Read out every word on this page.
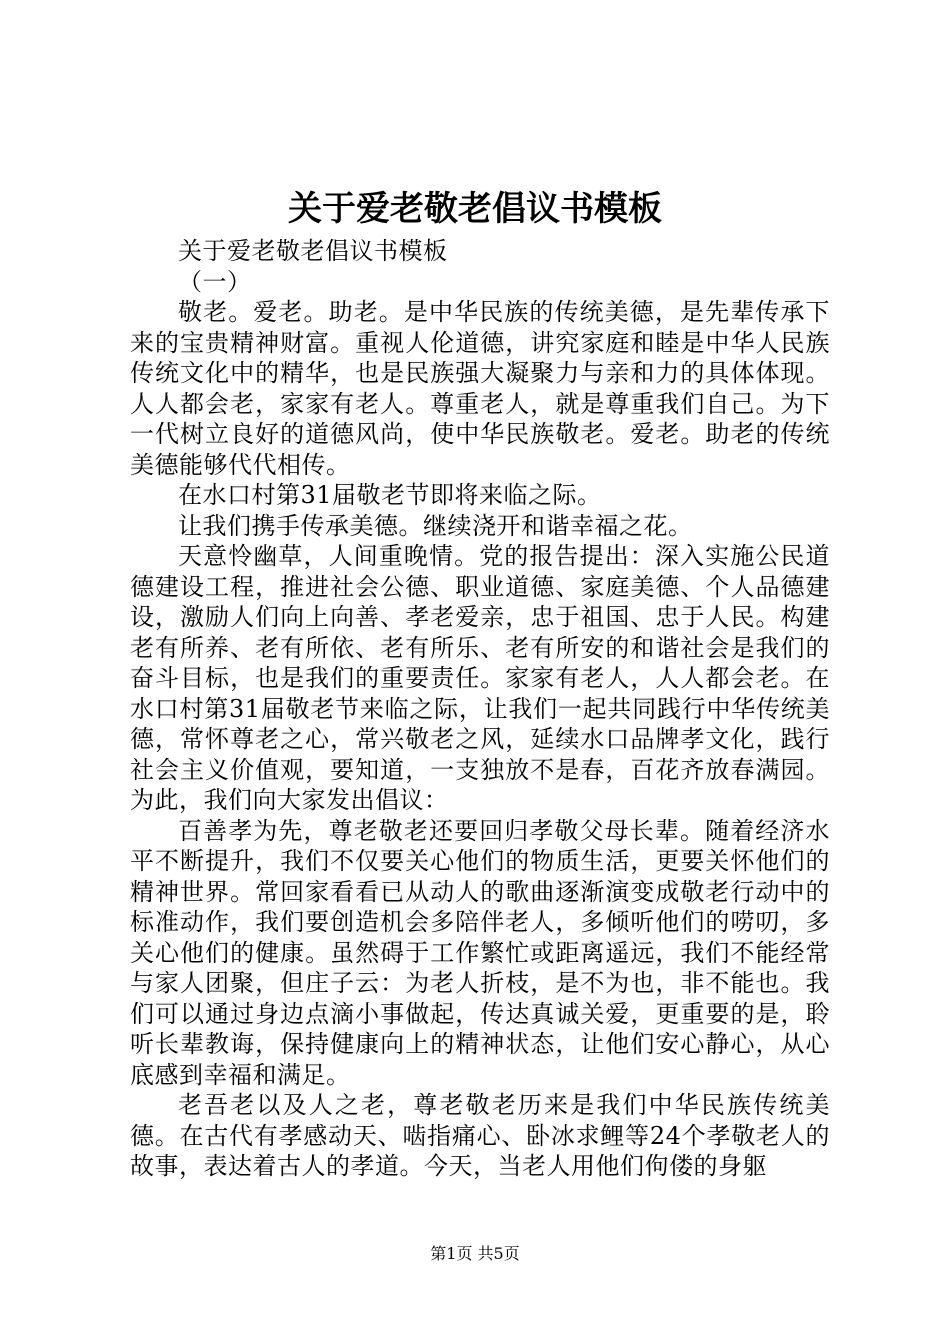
关于爱老敬老倡议书模板

关于爱老敬老倡议书模板

（一）

敬老。爱老。助老。是中华民族的传统美德，是先辈传承下来的宝贵精神财富。重视人伦道德，讲究家庭和睦是中华人民族传统文化中的精华，也是民族强大凝聚力与亲和力的具体体现。人人都会老，家家有老人。尊重老人，就是尊重我们自己。为下一代树立良好的道德风尚，使中华民族敬老。爱老。助老的传统美德能够代代相传。

在水口村第31届敬老节即将来临之际。

让我们携手传承美德。继续浇开和谐幸福之花。

天意怜幽草，人间重晚情。党的报告提出：深入实施公民道德建设工程，推进社会公德、职业道德、家庭美德、个人品德建设，激励人们向上向善、孝老爱亲，忠于祖国、忠于人民。构建老有所养、老有所依、老有所乐、老有所安的和谐社会是我们的奋斗目标，也是我们的重要责任。家家有老人，人人都会老。在水口村第31届敬老节来临之际，让我们一起共同践行中华传统美德，常怀尊老之心，常兴敬老之风，延续水口品牌孝文化，践行社会主义价值观，要知道，一支独放不是春，百花齐放春满园。为此，我们向大家发出倡议：

百善孝为先，尊老敬老还要回归孝敬父母长辈。随着经济水平不断提升，我们不仅要关心他们的物质生活，更要关怀他们的精神世界。常回家看看已从动人的歌曲逐渐演变成敬老行动中的标准动作，我们要创造机会多陪伴老人，多倾听他们的唠叨，多关心他们的健康。虽然碍于工作繁忙或距离遥远，我们不能经常与家人团聚，但庄子云：为老人折枝，是不为也，非不能也。我们可以通过身边点滴小事做起，传达真诚关爱，更重要的是，聆听长辈教诲，保持健康向上的精神状态，让他们安心静心，从心底感到幸福和满足。

老吾老以及人之老，尊老敬老历来是我们中华民族传统美德。在古代有孝感动天、啮指痛心、卧冰求鲤等24个孝敬老人的故事，表达着古人的孝道。今天，当老人用他们佝偻的身躯

第1页 共5页
